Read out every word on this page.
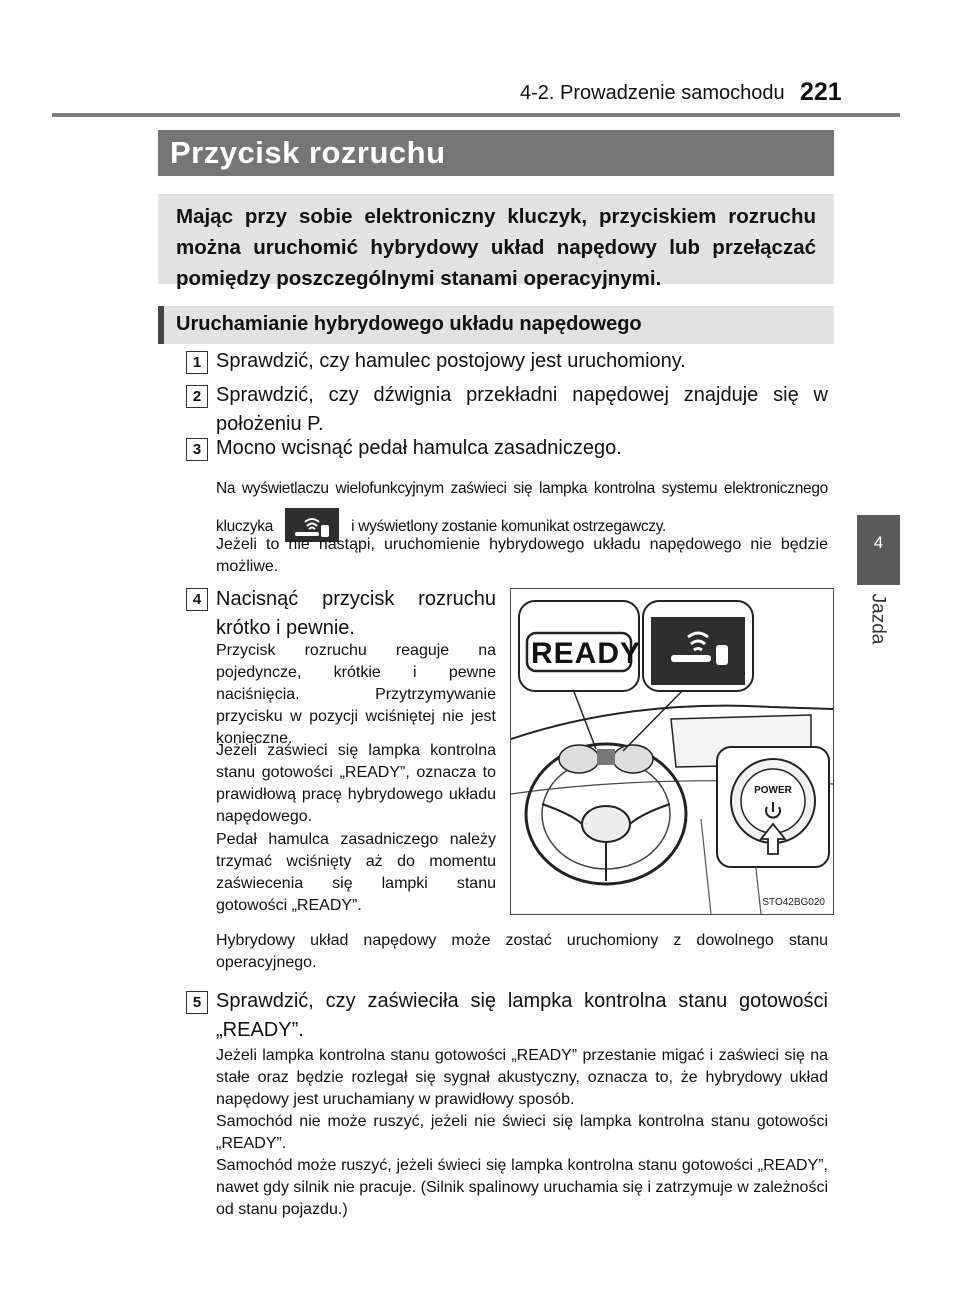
4-2. Prowadzenie samochodu 221
4
Jazda
Przycisk rozruchu

Mając przy sobie elektroniczny kluczyk, przyciskiem rozruchu można uruchomić hybrydowy układ napędowy lub przełączać pomiędzy poszczególnymi stanami operacyjnymi.

Uruchamianie hybrydowego układu napędowego
1 Sprawdzić, czy hamulec postojowy jest uruchomiony.
2 Sprawdzić, czy dźwignia przekładni napędowej znajduje się w położeniu P.
3 Mocno wcisnąć pedał hamulca zasadniczego.
Na wyświetlaczu wielofunkcyjnym zaświeci się lampka kontrolna systemu elektronicznego kluczyka	i wyświetlony zostanie komunikat ostrzegawczy.
Jeżeli to nie nastąpi, uruchomienie hybrydowego układu napędowego nie będzie możliwe.
4 Nacisnąć przycisk rozruchu krótko i pewnie.
Przycisk rozruchu reaguje na pojedyncze, krótkie i pewne naciśnięcia. Przytrzymywanie przycisku w pozycji wciśniętej nie jest konieczne.
Jeżeli zaświeci się lampka kontrolna stanu gotowości „READY”, oznacza to prawidłową pracę hybrydowego układu napędowego.
Pedał hamulca zasadniczego należy trzymać wciśnięty aż do momentu zaświecenia się lampki stanu gotowości „READY”.
Hybrydowy układ napędowy może zostać uruchomiony z dowolnego stanu operacyjnego.
READY
POWER
STO42BG020
5 Sprawdzić, czy zaświeciła się lampka kontrolna stanu gotowości „READY”.
Jeżeli lampka kontrolna stanu gotowości „READY” przestanie migać i zaświeci się na stałe oraz będzie rozlegał się sygnał akustyczny, oznacza to, że hybrydowy układ napędowy jest uruchamiany w prawidłowy sposób.
Samochód nie może ruszyć, jeżeli nie świeci się lampka kontrolna stanu gotowości „READY”.
Samochód może ruszyć, jeżeli świeci się lampka kontrolna stanu gotowości „READY”, nawet gdy silnik nie pracuje. (Silnik spalinowy uruchamia się i zatrzymuje w zależności od stanu pojazdu.)
